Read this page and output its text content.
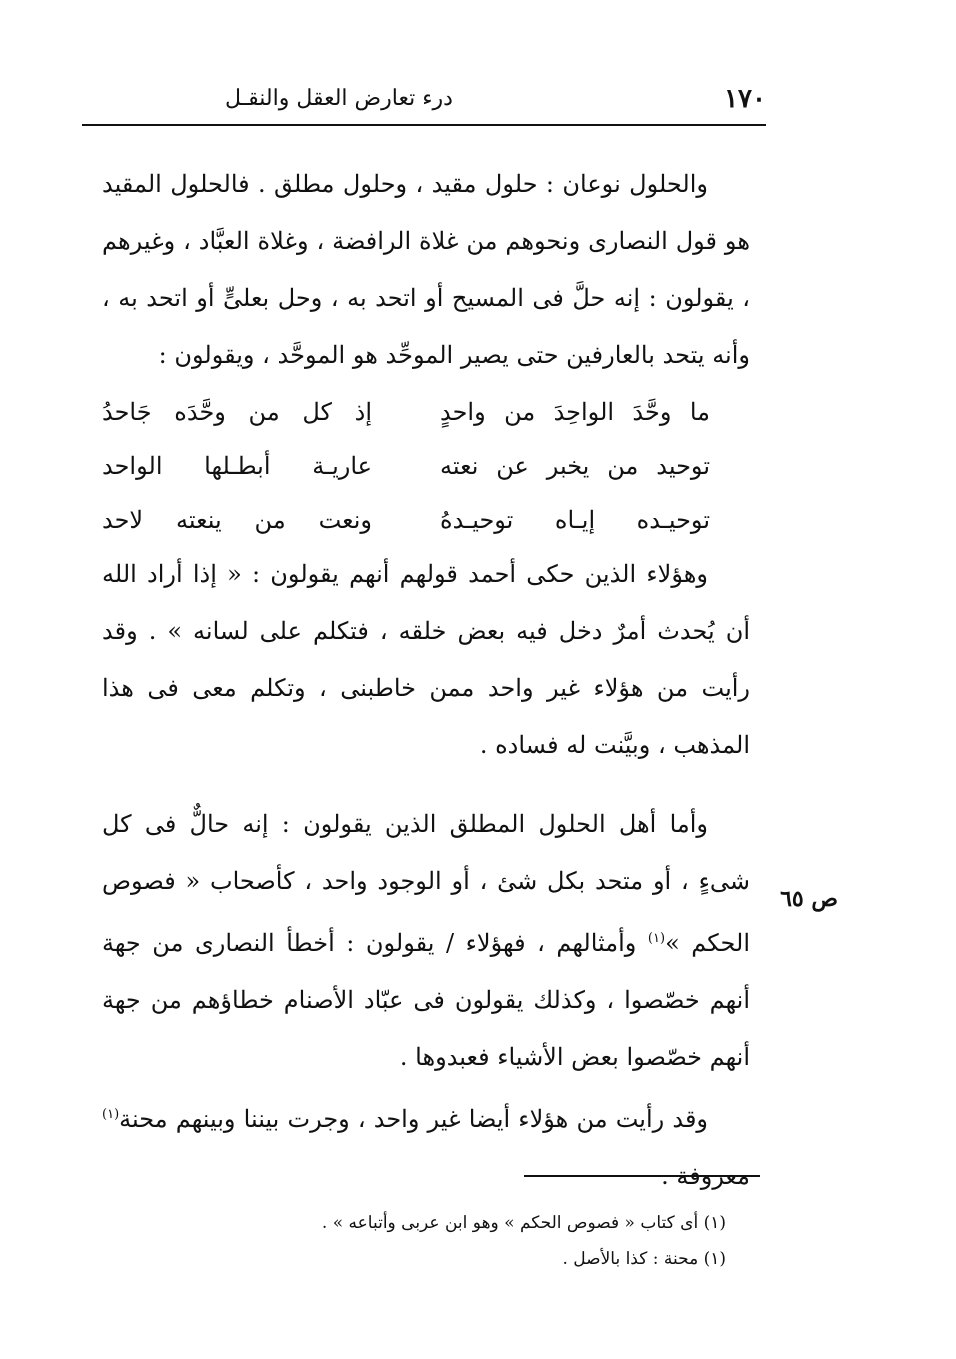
١٧٠
درء تعارض العقل والنقـل

والحلول نوعان : حلول مقيد ، وحلول مطلق . فالحلول المقيد هو قول النصارى ونحوهم من غلاة الرافضة ، وغلاة العبَّاد ، وغيرهم ، يقولون : إنه حلَّ فى المسيح أو اتحد به ، وحل بعلىٍّ أو اتحد به ، وأنه يتحد بالعارفين حتى يصير الموحِّد هو الموحَّد ، ويقولون :

ما وحَّدَ الواحِدَ من واحدٍ
إذ كل من وحَّدَه جَاحدُ
توحيد من يخبر عن نعته
عاريـة أبطـلها الواحد
توحيـده إيـاه توحيـدهُ
ونعت من ينعته لاحد

وهؤلاء الذين حكى أحمد قولهم أنهم يقولون : « إذا أراد الله أن يُحدث أمرٌ دخل فيه بعض خلقه ، فتكلم على لسانه » . وقد رأيت من هؤلاء غير واحد ممن خاطبنى ، وتكلم معى فى هذا المذهب ، وبيَّنت له فساده .

وأما أهل الحلول المطلق الذين يقولون : إنه حالٌّ فى كل شىءٍ ، أو متحد بكل شئ ، أو الوجود واحد ، كأصحاب « فصوص الحكم »$^{(١)}$ وأمثالهم ، فهؤلاء / يقولون : أخطأ النصارى من جهة أنهم خصّصوا ، وكذلك يقولون فى عبّاد الأصنام خطاؤهم من جهة أنهم خصّصوا بعض الأشياء فعبدوها .

وقد رأيت من هؤلاء أيضا غير واحد ، وجرت بيننا وبينهم محنة$^{(١)}$ معروفة .

ص ٦٥

(١) أى كتاب « فصوص الحكم » وهو ابن عربى وأتباعه » .

(١) محنة : كذا بالأصل .
